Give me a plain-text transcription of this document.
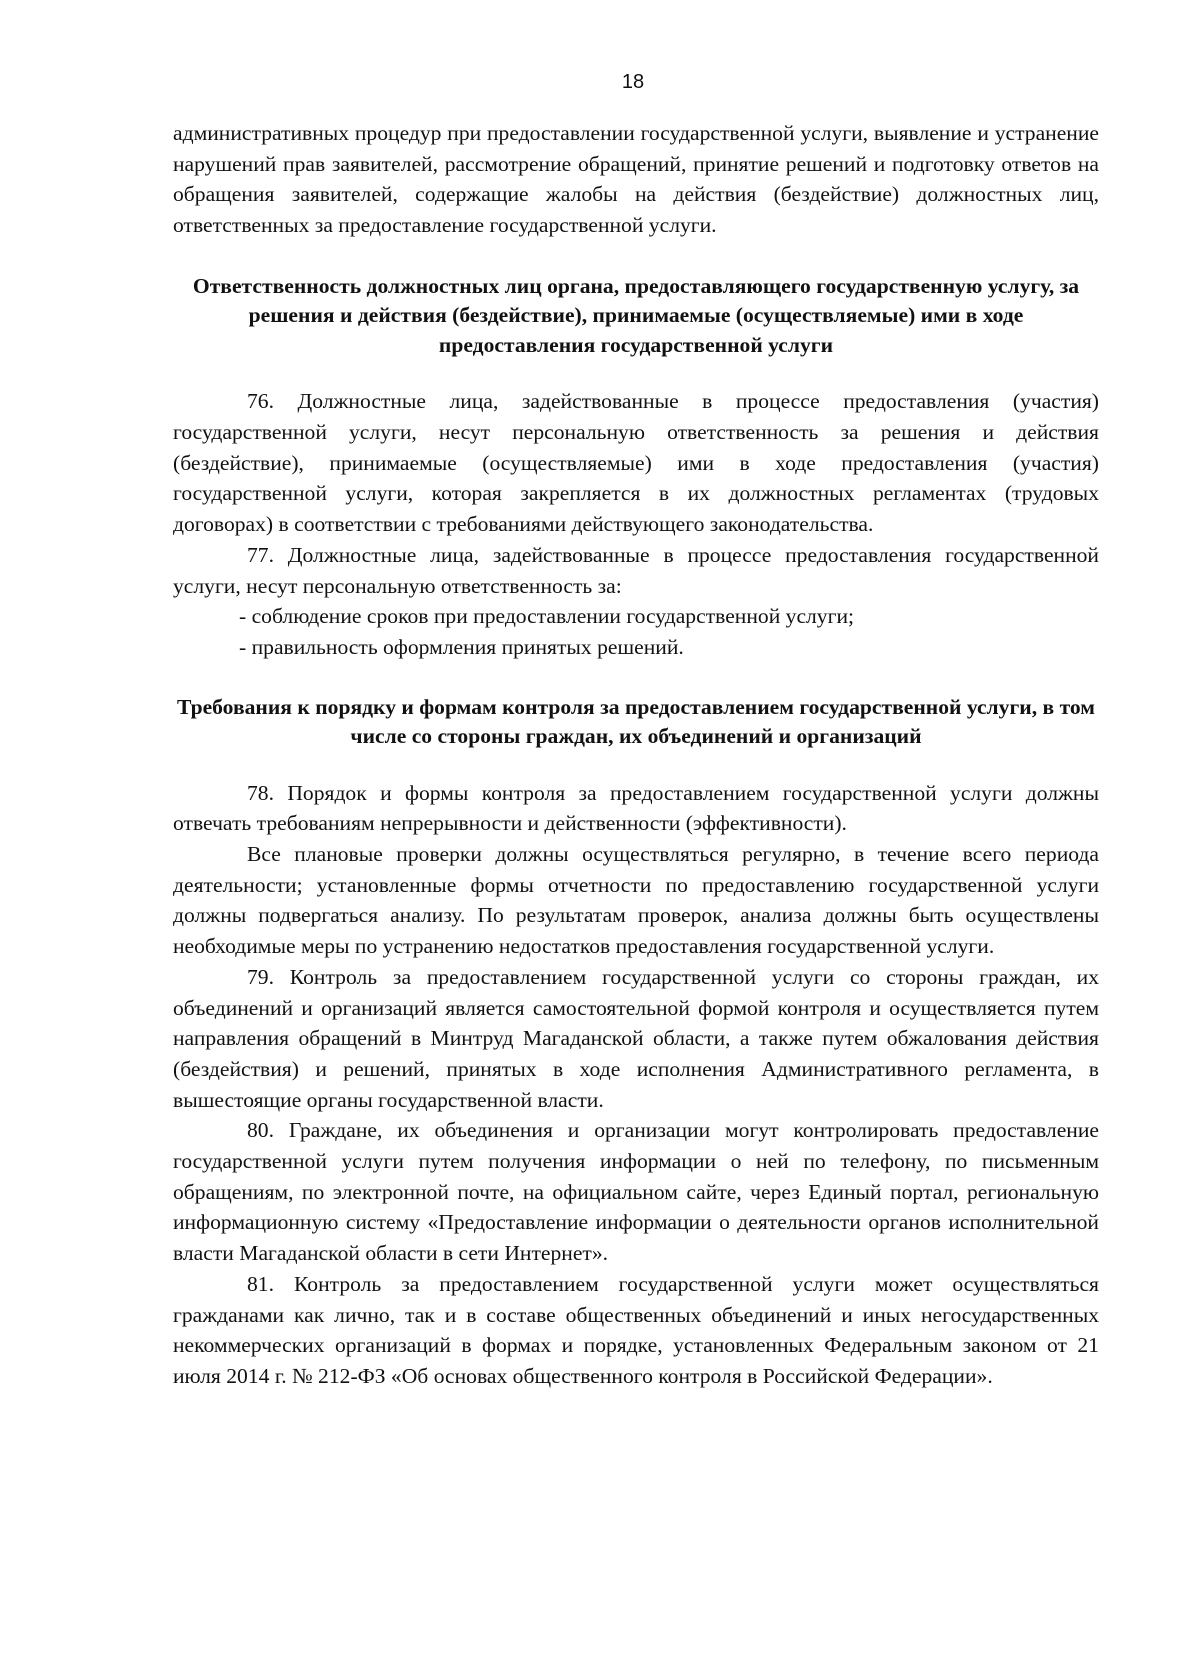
18

административных процедур при предоставлении государственной услуги, выявление и устранение нарушений прав заявителей, рассмотрение обращений, принятие решений и подготовку ответов на обращения заявителей, содержащие жалобы на действия (бездействие) должностных лиц, ответственных за предоставление государственной услуги.

Ответственность должностных лиц органа, предоставляющего государственную услугу, за решения и действия (бездействие), принимаемые (осуществляемые) ими в ходе предоставления государственной услуги

76. Должностные лица, задействованные в процессе предоставления (участия) государственной услуги, несут персональную ответственность за решения и действия (бездействие), принимаемые (осуществляемые) ими в ходе предоставления (участия) государственной услуги, которая закрепляется в их должностных регламентах (трудовых договорах) в соответствии с требованиями действующего законодательства.

77. Должностные лица, задействованные в процессе предоставления государственной услуги, несут персональную ответственность за:

- соблюдение сроков при предоставлении государственной услуги;

- правильность оформления принятых решений.

Требования к порядку и формам контроля за предоставлением государственной услуги, в том числе со стороны граждан, их объединений и организаций

78. Порядок и формы контроля за предоставлением государственной услуги должны отвечать требованиям непрерывности и действенности (эффективности).

Все плановые проверки должны осуществляться регулярно, в течение всего периода деятельности; установленные формы отчетности по предоставлению государственной услуги должны подвергаться анализу. По результатам проверок, анализа должны быть осуществлены необходимые меры по устранению недостатков предоставления государственной услуги.

79. Контроль за предоставлением государственной услуги со стороны граждан, их объединений и организаций является самостоятельной формой контроля и осуществляется путем направления обращений в Минтруд Магаданской области, а также путем обжалования действия (бездействия) и решений, принятых в ходе исполнения Административного регламента, в вышестоящие органы государственной власти.

80. Граждане, их объединения и организации могут контролировать предоставление государственной услуги путем получения информации о ней по телефону, по письменным обращениям, по электронной почте, на официальном сайте, через Единый портал, региональную информационную систему «Предоставление информации о деятельности органов исполнительной власти Магаданской области в сети Интернет».

81. Контроль за предоставлением государственной услуги может осуществляться гражданами как лично, так и в составе общественных объединений и иных негосударственных некоммерческих организаций в формах и порядке, установленных Федеральным законом от 21 июля 2014 г. № 212-ФЗ «Об основах общественного контроля в Российской Федерации».
